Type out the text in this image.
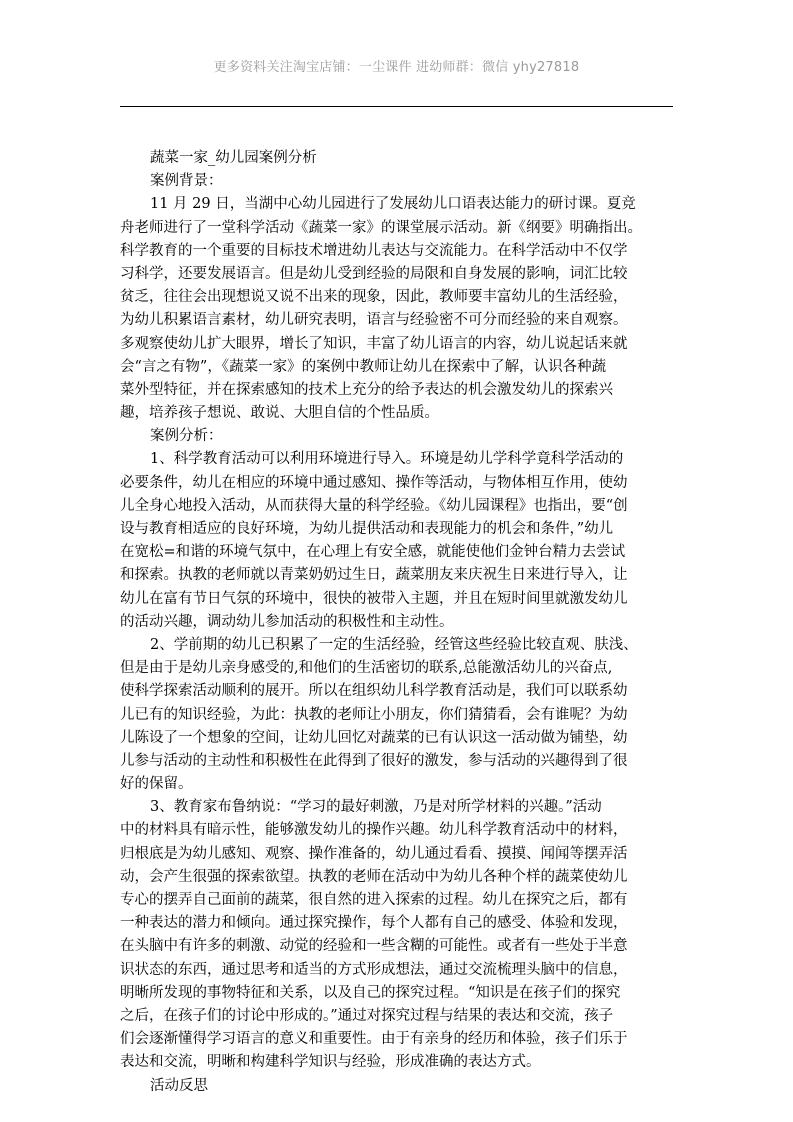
更多资料关注淘宝店铺：一尘课件 进幼师群：微信 yhy27818
蔬菜一家_幼儿园案例分析
案例背景：
11 月 29 日，当湖中心幼儿园进行了发展幼儿口语表达能力的研讨课。夏竞
舟老师进行了一堂科学活动《蔬菜一家》的课堂展示活动。新《纲要》明确指出。
科学教育的一个重要的目标技术增进幼儿表达与交流能力。在科学活动中不仅学
习科学，还要发展语言。但是幼儿受到经验的局限和自身发展的影响，词汇比较
贫乏，往往会出现想说又说不出来的现象，因此，教师要丰富幼儿的生活经验，
为幼儿积累语言素材，幼儿研究表明，语言与经验密不可分而经验的来自观察。
多观察使幼儿扩大眼界，增长了知识，丰富了幼儿语言的内容，幼儿说起话来就
会“言之有物”，《蔬菜一家》的案例中教师让幼儿在探索中了解，认识各种蔬
菜外型特征，并在探索感知的技术上充分的给予表达的机会激发幼儿的探索兴
趣，培养孩子想说、敢说、大胆自信的个性品质。
案例分析：
1、科学教育活动可以利用环境进行导入。环境是幼儿学科学竟科学活动的
必要条件，幼儿在相应的环境中通过感知、操作等活动，与物体相互作用，使幼
儿全身心地投入活动，从而获得大量的科学经验。《幼儿园课程》也指出，要“创
设与教育相适应的良好环境，为幼儿提供活动和表现能力的机会和条件，”幼儿
在宽松=和谐的环境气氛中，在心理上有安全感，就能使他们金钟台精力去尝试
和探索。执教的老师就以青菜奶奶过生日，蔬菜朋友来庆祝生日来进行导入，让
幼儿在富有节日气氛的环境中，很快的被带入主题，并且在短时间里就激发幼儿
的活动兴趣，调动幼儿参加活动的积极性和主动性。
2、学前期的幼儿已积累了一定的生活经验，经管这些经验比较直观、肤浅、
但是由于是幼儿亲身感受的,和他们的生活密切的联系,总能激活幼儿的兴奋点,
使科学探索活动顺利的展开。所以在组织幼儿科学教育活动是，我们可以联系幼
儿已有的知识经验，为此：执教的老师让小朋友，你们猜猜看，会有谁呢？为幼
儿陈设了一个想象的空间，让幼儿回忆对蔬菜的已有认识这一活动做为铺垫，幼
儿参与活动的主动性和积极性在此得到了很好的激发，参与活动的兴趣得到了很
好的保留。
3、教育家布鲁纳说：“学习的最好刺激，乃是对所学材料的兴趣。”活动
中的材料具有暗示性，能够激发幼儿的操作兴趣。幼儿科学教育活动中的材料，
归根底是为幼儿感知、观察、操作准备的，幼儿通过看看、摸摸、闻闻等摆弄活
动，会产生很强的探索欲望。执教的老师在活动中为幼儿各种个样的蔬菜使幼儿
专心的摆弄自己面前的蔬菜，很自然的进入探索的过程。幼儿在探究之后，都有
一种表达的潜力和倾向。通过探究操作，每个人都有自己的感受、体验和发现，
在头脑中有许多的刺激、动觉的经验和一些含糊的可能性。或者有一些处于半意
识状态的东西，通过思考和适当的方式形成想法，通过交流梳理头脑中的信息，
明晰所发现的事物特征和关系，以及自己的探究过程。“知识是在孩子们的探究
之后，在孩子们的讨论中形成的。”通过对探究过程与结果的表达和交流，孩子
们会逐渐懂得学习语言的意义和重要性。由于有亲身的经历和体验，孩子们乐于
表达和交流，明晰和构建科学知识与经验，形成准确的表达方式。
活动反思
